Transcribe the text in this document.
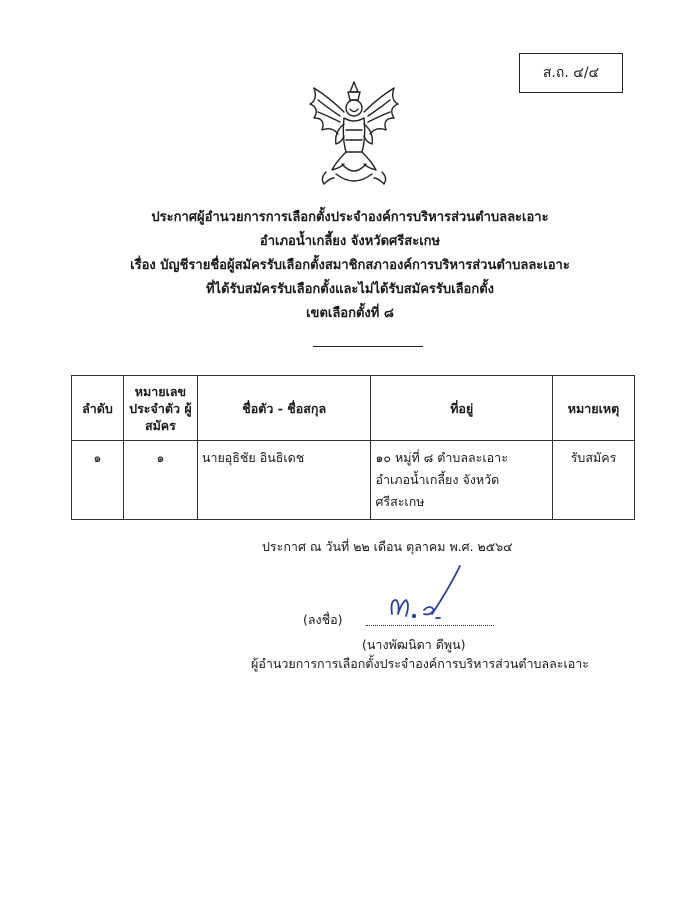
ส.ถ. ๔/๔
ประกาศผู้อำนวยการการเลือกตั้งประจำองค์การบริหารส่วนตำบลละเอาะ
อำเภอน้ำเกลี้ยง จังหวัดศรีสะเกษ
เรื่อง บัญชีรายชื่อผู้สมัครรับเลือกตั้งสมาชิกสภาองค์การบริหารส่วนตำบลละเอาะ
ที่ได้รับสมัครรับเลือกตั้งและไม่ได้รับสมัครรับเลือกตั้ง
เขตเลือกตั้งที่ ๘
ลำดับ	หมายเลข ประจำตัว ผู้สมัคร	ชื่อตัว - ชื่อสกุล	ที่อยู่	หมายเหตุ
๑	๑	นายอุธิชัย อินธิเดช	๑๐ หมู่ที่ ๘ ตำบลละเอาะ
อำเภอน้ำเกลี้ยง จังหวัดศรีสะเกษ	รับสมัคร
ประกาศ ณ วันที่ ๒๒ เดือน ตุลาคม พ.ศ. ๒๕๖๔
(ลงชื่อ)
(นางพัฒนิดา ดีพูน)
ผู้อำนวยการการเลือกตั้งประจำองค์การบริหารส่วนตำบลละเอาะ
